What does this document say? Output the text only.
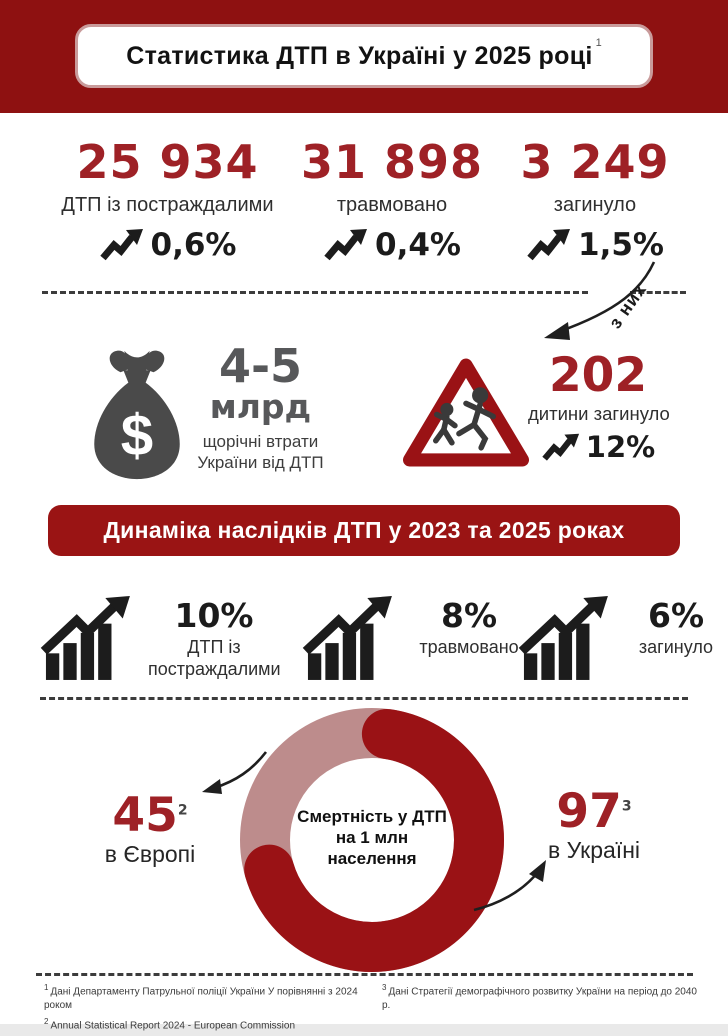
Статистика ДТП в Україні у 2025 році $^1$
25 934
ДТП із постраждалими
0,6%
31 898
травмовано
0,4%
3 249
загинуло
1,5%
з них
$
4-5
млрд
щорічні втрати України від ДТП
202
дитини загинуло
12%
Динаміка наслідків ДТП у 2023 та 2025 роках
10%
ДТП із постраждалими
8%
травмовано
6%
загинуло
Смертність у ДТП
на 1 млн
населення
$45^2$
в Європі
$97^3$
в Україні
$^1$ Дані Департаменту Патрульної поліції України У порівнянні з 2024 роком
$^2$ Annual Statistical Report 2024 - European Commission
$^3$ Дані Стратегії демографічного розвитку України на період до 2040 р.
